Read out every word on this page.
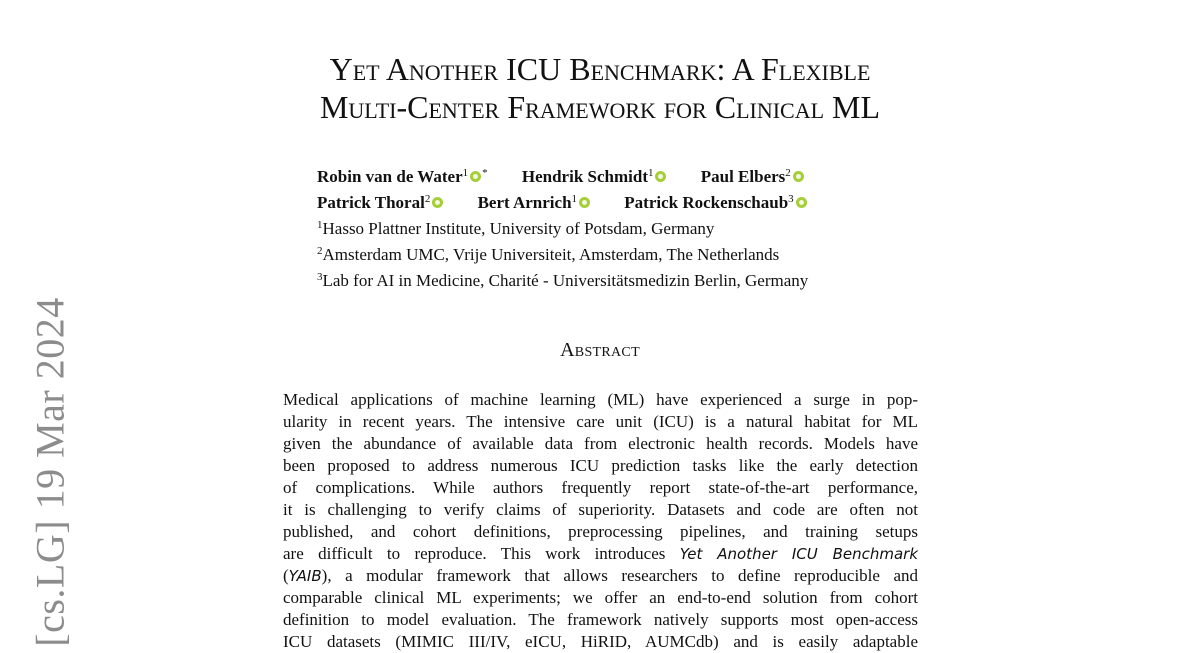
[cs.LG] 19 Mar 2024
Yet Another ICU Benchmark: A Flexible
Multi-Center Framework for Clinical ML
Robin van de Water$^1$ * Hendrik Schmidt$^1$	Paul Elbers$^2$
Patrick Thoral$^2$	Bert Arnrich$^1$	Patrick Rockenschaub$^3$
$^1$Hasso Plattner Institute, University of Potsdam, Germany
$^2$Amsterdam UMC, Vrije Universiteit, Amsterdam, The Netherlands
$^3$Lab for AI in Medicine, Charité - Universitätsmedizin Berlin, Germany
Abstract
Medical applications of machine learning (ML) have experienced a surge in pop-
ularity in recent years. The intensive care unit (ICU) is a natural habitat for ML
given the abundance of available data from electronic health records. Models have
been proposed to address numerous ICU prediction tasks like the early detection
of complications. While authors frequently report state-of-the-art performance,
it is challenging to verify claims of superiority. Datasets and code are often not
published, and cohort definitions, preprocessing pipelines, and training setups
are difficult to reproduce. This work introduces Yet Another ICU Benchmark
(YAIB), a modular framework that allows researchers to define reproducible and
comparable clinical ML experiments; we offer an end-to-end solution from cohort
definition to model evaluation. The framework natively supports most open-access
ICU datasets (MIMIC III/IV, eICU, HiRID, AUMCdb) and is easily adaptable
